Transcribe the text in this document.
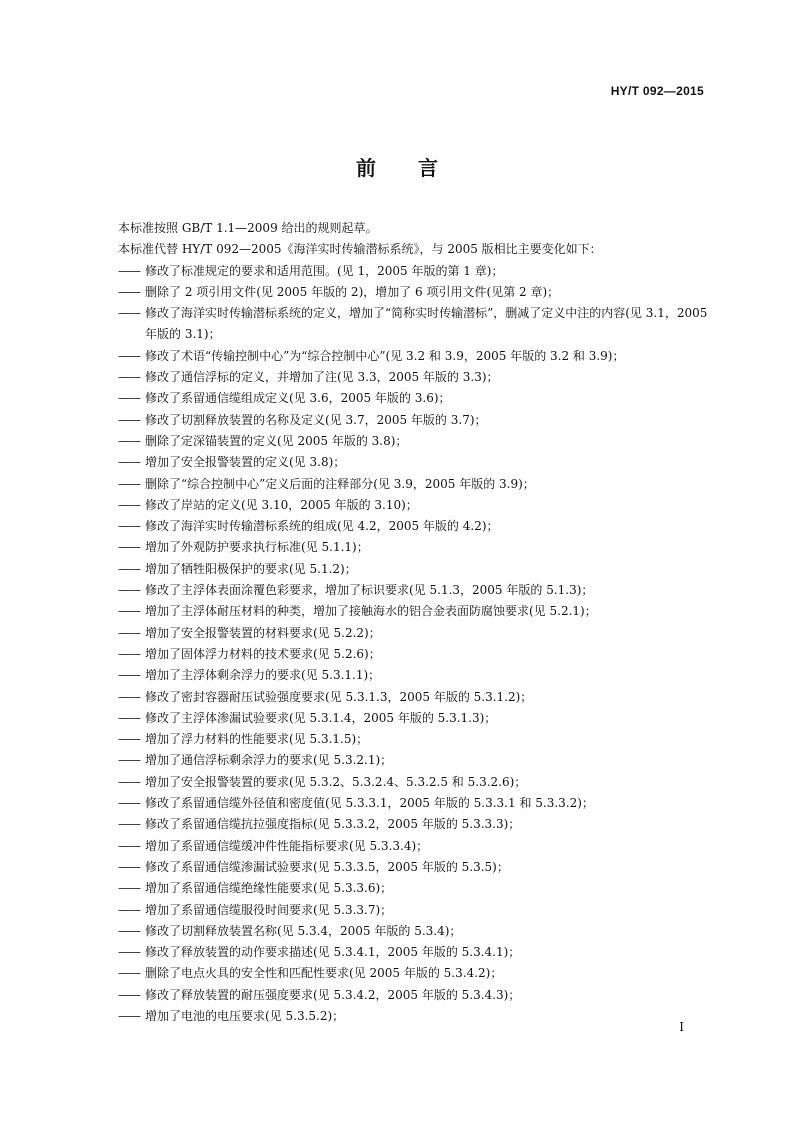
HY/T 092—2015
前言

本标准按照 GB/T 1.1—2009 给出的规则起草。

本标准代替 HY/T 092—2005《海洋实时传输潜标系统》，与 2005 版相比主要变化如下：

—— 修改了标准规定的要求和适用范围。(见 1，2005 年版的第 1 章)；
—— 删除了 2 项引用文件(见 2005 年版的 2)，增加了 6 项引用文件(见第 2 章)；
—— 修改了海洋实时传输潜标系统的定义，增加了“简称实时传输潜标”，删减了定义中注的内容(见 3.1，2005 年版的 3.1)；
—— 修改了术语“传输控制中心”为“综合控制中心”(见 3.2 和 3.9，2005 年版的 3.2 和 3.9)；
—— 修改了通信浮标的定义，并增加了注(见 3.3，2005 年版的 3.3)；
—— 修改了系留通信缆组成定义(见 3.6，2005 年版的 3.6)；
—— 修改了切割释放装置的名称及定义(见 3.7，2005 年版的 3.7)；
—— 删除了定深锚装置的定义(见 2005 年版的 3.8)；
—— 增加了安全报警装置的定义(见 3.8)；
—— 删除了“综合控制中心”定义后面的注释部分(见 3.9，2005 年版的 3.9)；
—— 修改了岸站的定义(见 3.10，2005 年版的 3.10)；
—— 修改了海洋实时传输潜标系统的组成(见 4.2，2005 年版的 4.2)；
—— 增加了外观防护要求执行标准(见 5.1.1)；
—— 增加了牺牲阳极保护的要求(见 5.1.2)；
—— 修改了主浮体表面涂覆色彩要求，增加了标识要求(见 5.1.3，2005 年版的 5.1.3)；
—— 增加了主浮体耐压材料的种类，增加了接触海水的铝合金表面防腐蚀要求(见 5.2.1)；
—— 增加了安全报警装置的材料要求(见 5.2.2)；
—— 增加了固体浮力材料的技术要求(见 5.2.6)；
—— 增加了主浮体剩余浮力的要求(见 5.3.1.1)；
—— 修改了密封容器耐压试验强度要求(见 5.3.1.3，2005 年版的 5.3.1.2)；
—— 修改了主浮体渗漏试验要求(见 5.3.1.4，2005 年版的 5.3.1.3)；
—— 增加了浮力材料的性能要求(见 5.3.1.5)；
—— 增加了通信浮标剩余浮力的要求(见 5.3.2.1)；
—— 增加了安全报警装置的要求(见 5.3.2、5.3.2.4、5.3.2.5 和 5.3.2.6)；
—— 修改了系留通信缆外径值和密度值(见 5.3.3.1，2005 年版的 5.3.3.1 和 5.3.3.2)；
—— 修改了系留通信缆抗拉强度指标(见 5.3.3.2，2005 年版的 5.3.3.3)；
—— 增加了系留通信缆缓冲件性能指标要求(见 5.3.3.4)；
—— 修改了系留通信缆渗漏试验要求(见 5.3.3.5，2005 年版的 5.3.5)；
—— 增加了系留通信缆绝缘性能要求(见 5.3.3.6)；
—— 增加了系留通信缆服役时间要求(见 5.3.3.7)；
—— 修改了切割释放装置名称(见 5.3.4，2005 年版的 5.3.4)；
—— 修改了释放装置的动作要求描述(见 5.3.4.1，2005 年版的 5.3.4.1)；
—— 删除了电点火具的安全性和匹配性要求(见 2005 年版的 5.3.4.2)；
—— 修改了释放装置的耐压强度要求(见 5.3.4.2，2005 年版的 5.3.4.3)；
—— 增加了电池的电压要求(见 5.3.5.2)；
I
